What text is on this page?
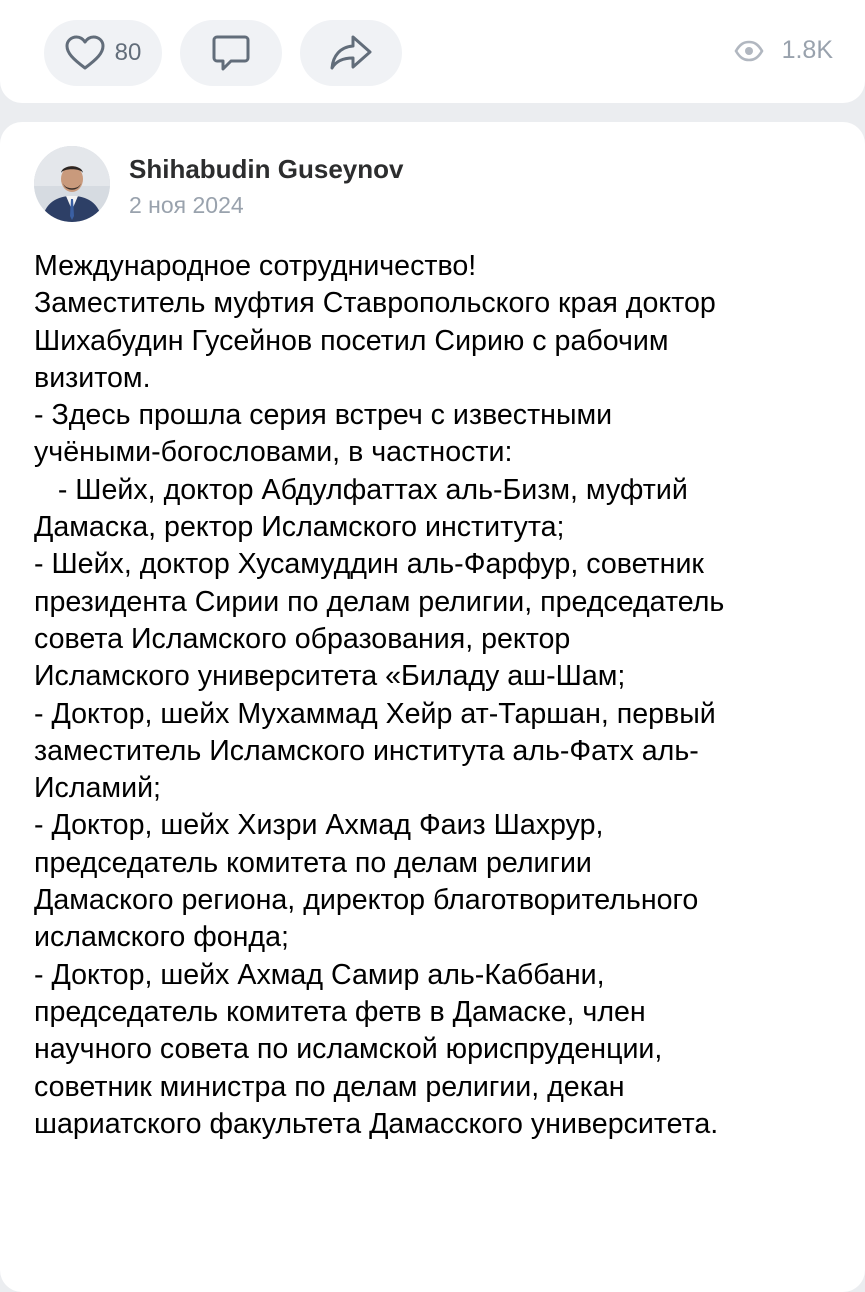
80	1.8K
Shihabudin Guseynov
2 ноя 2024
Международное сотрудничество!
Заместитель муфтия Ставропольского края доктор
Шихабудин Гусейнов посетил Сирию с рабочим
визитом.
- Здесь прошла серия встреч с известными
учёными-богословами, в частности:
- Шейх, доктор Абдулфаттах аль-Бизм, муфтий
Дамаска, ректор Исламского института;
- Шейх, доктор Хусамуддин аль-Фарфур, советник
президента Сирии по делам религии, председатель
совета Исламского образования, ректор
Исламского университета «Биладу аш-Шам;
- Доктор, шейх Мухаммад Хейр ат-Таршан, первый
заместитель Исламского института аль-Фатх аль-
Исламий;
- Доктор, шейх Хизри Ахмад Фаиз Шахрур,
председатель комитета по делам религии
Дамаского региона, директор благотворительного
исламского фонда;
- Доктор, шейх Ахмад Самир аль-Каббани,
председатель комитета фетв в Дамаске, член
научного совета по исламской юриспруденции,
советник министра по делам религии, декан
шариатского факультета Дамасского университета.
